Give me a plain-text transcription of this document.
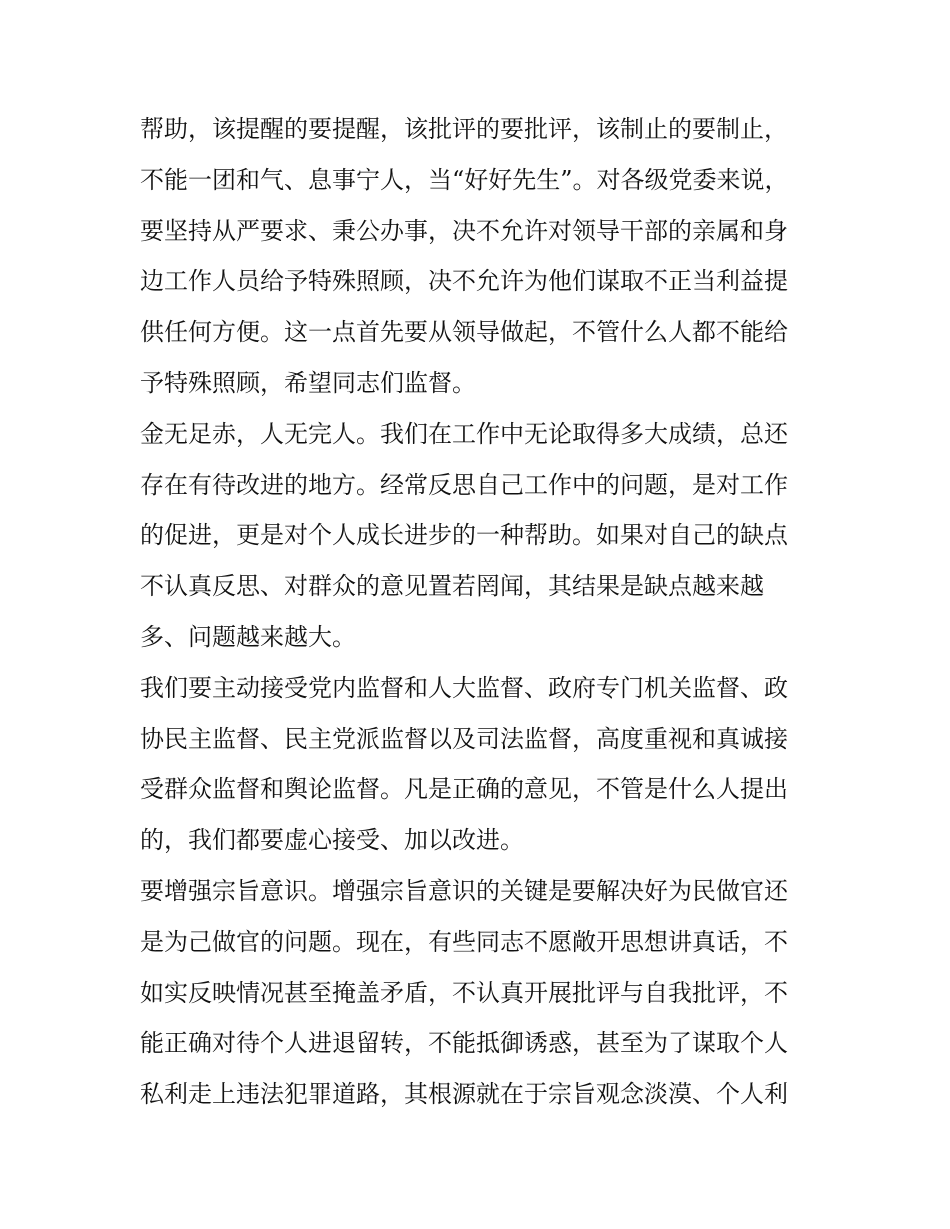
帮助，该提醒的要提醒，该批评的要批评，该制止的要制止，
不能一团和气、息事宁人，当“好好先生”。对各级党委来说，
要坚持从严要求、秉公办事，决不允许对领导干部的亲属和身
边工作人员给予特殊照顾，决不允许为他们谋取不正当利益提
供任何方便。这一点首先要从领导做起，不管什么人都不能给
予特殊照顾，希望同志们监督。
金无足赤，人无完人。我们在工作中无论取得多大成绩，总还
存在有待改进的地方。经常反思自己工作中的问题，是对工作
的促进，更是对个人成长进步的一种帮助。如果对自己的缺点
不认真反思、对群众的意见置若罔闻，其结果是缺点越来越
多、问题越来越大。
我们要主动接受党内监督和人大监督、政府专门机关监督、政
协民主监督、民主党派监督以及司法监督，高度重视和真诚接
受群众监督和舆论监督。凡是正确的意见，不管是什么人提出
的，我们都要虚心接受、加以改进。
要增强宗旨意识。增强宗旨意识的关键是要解决好为民做官还
是为己做官的问题。现在，有些同志不愿敞开思想讲真话，不
如实反映情况甚至掩盖矛盾，不认真开展批评与自我批评，不
能正确对待个人进退留转，不能抵御诱惑，甚至为了谋取个人
私利走上违法犯罪道路，其根源就在于宗旨观念淡漠、个人利
